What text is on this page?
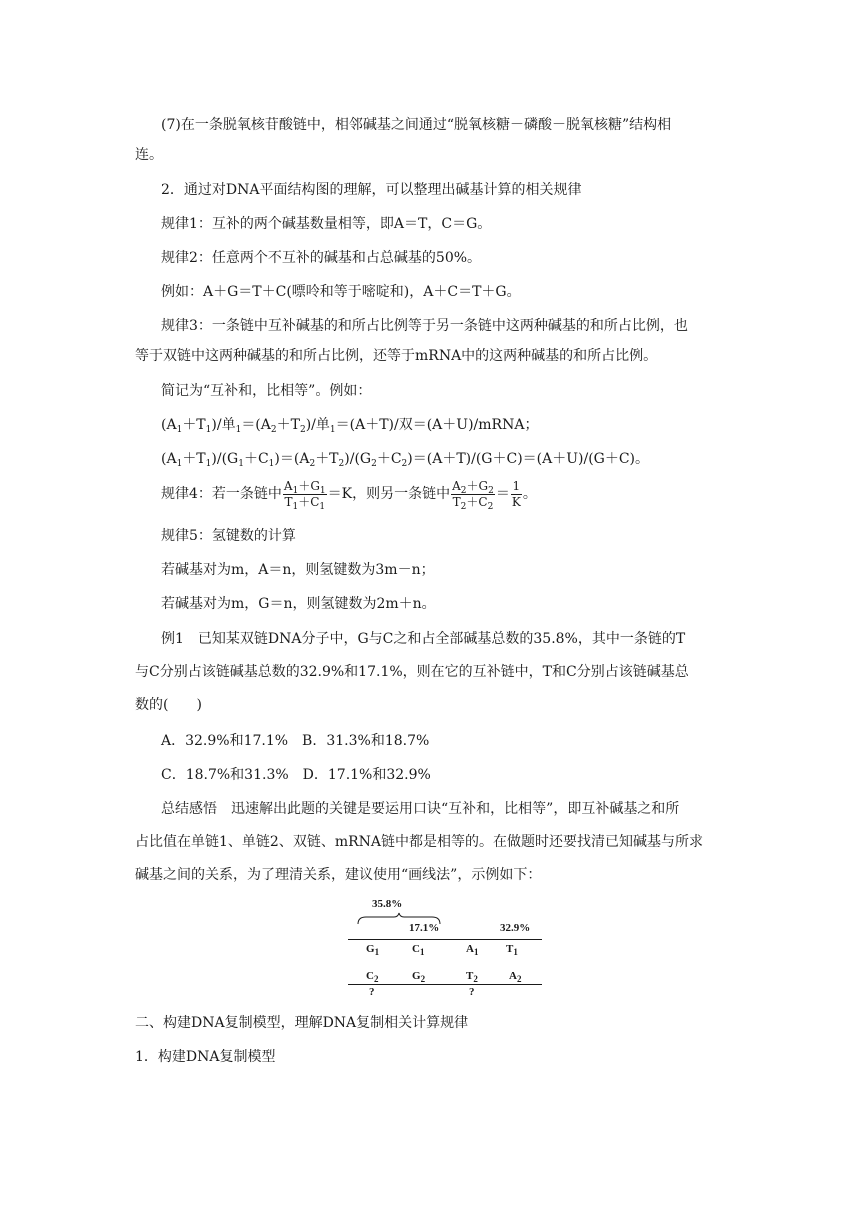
(7)在一条脱氧核苷酸链中，相邻碱基之间通过“脱氧核糖－磷酸－脱氧核糖”结构相
连。
2．通过对DNA平面结构图的理解，可以整理出碱基计算的相关规律
规律1：互补的两个碱基数量相等，即A＝T，C＝G。
规律2：任意两个不互补的碱基和占总碱基的50%。
例如：A＋G＝T＋C(嘌呤和等于嘧啶和)，A＋C＝T＋G。
规律3：一条链中互补碱基的和所占比例等于另一条链中这两种碱基的和所占比例，也
等于双链中这两种碱基的和所占比例，还等于mRNA中的这两种碱基的和所占比例。
简记为“互补和，比相等”。例如：
$(A_1+T_1)/$单$_1=(A_2+T_2)/$单$_1$＝(A＋T)/双＝(A＋U)/mRNA；
$(A_1+T_1)/(G_1+C_1)=(A_2+T_2)/(G_2+C_2)=(A+T)/(G+C)=(A+U)/(G+C)$。
规律4：若一条链中 $\frac{A_1+G_1}{T_1+C_1} =K$，则另一条链中 $\frac{A_2+G_2}{T_2+C_2} = \frac{1}{K}$ 。
规律5：氢键数的计算
若碱基对为m，A＝n，则氢键数为3m－n；
若碱基对为m，G＝n，则氢键数为2m＋n。
例1　已知某双链DNA分子中，G与C之和占全部碱基总数的35.8%，其中一条链的T
与C分别占该链碱基总数的32.9%和17.1%，则在它的互补链中，T和C分别占该链碱基总
数的(　　)
A．32.9%和17.1%　B．31.3%和18.7%
C．18.7%和31.3%　D．17.1%和32.9%
总结感悟　迅速解出此题的关键是要运用口诀“互补和，比相等”，即互补碱基之和所
占比值在单链1、单链2、双链、mRNA链中都是相等的。在做题时还要找清已知碱基与所求
碱基之间的关系，为了理清关系，建议使用“画线法”，示例如下：
35.8%
17.1%	32.9%
$G_1$	$C_1$	$A_1$	$T_1$
$C_2$	$G_2$	$T_2$	$A_2$
?	?
二、构建DNA复制模型，理解DNA复制相关计算规律
1．构建DNA复制模型
